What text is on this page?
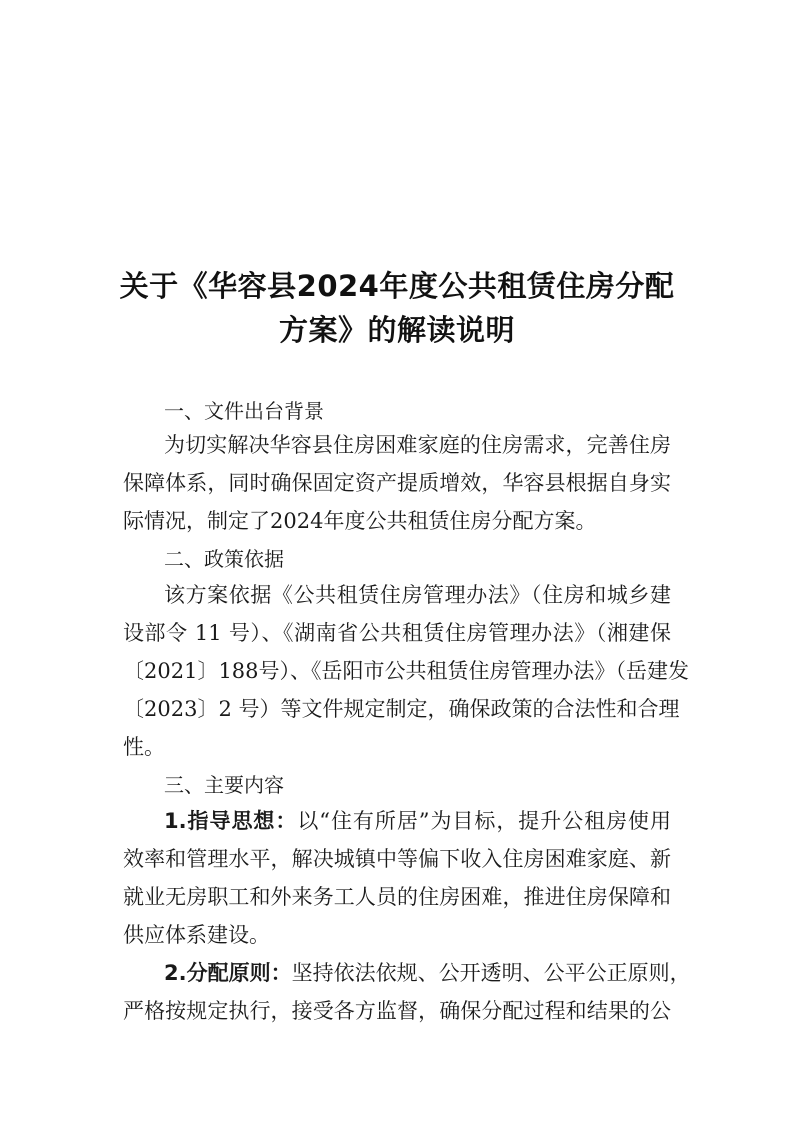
关于《华容县2024年度公共租赁住房分配
方案》的解读说明
一、文件出台背景
为切实解决华容县住房困难家庭的住房需求，完善住房
保障体系，同时确保固定资产提质增效，华容县根据自身实
际情况，制定了2024年度公共租赁住房分配方案。
二、政策依据
该方案依据《公共租赁住房管理办法》（住房和城乡建
设部令 11 号）、《湖南省公共租赁住房管理办法》（湘建保
〔2021〕188号）、《岳阳市公共租赁住房管理办法》（岳建发
〔2023〕2 号）等文件规定制定，确保政策的合法性和合理
性。
三、主要内容
1.指导思想：以“住有所居”为目标，提升公租房使用
效率和管理水平，解决城镇中等偏下收入住房困难家庭、新
就业无房职工和外来务工人员的住房困难，推进住房保障和
供应体系建设。
2.分配原则：坚持依法依规、公开透明、公平公正原则，
严格按规定执行，接受各方监督，确保分配过程和结果的公
